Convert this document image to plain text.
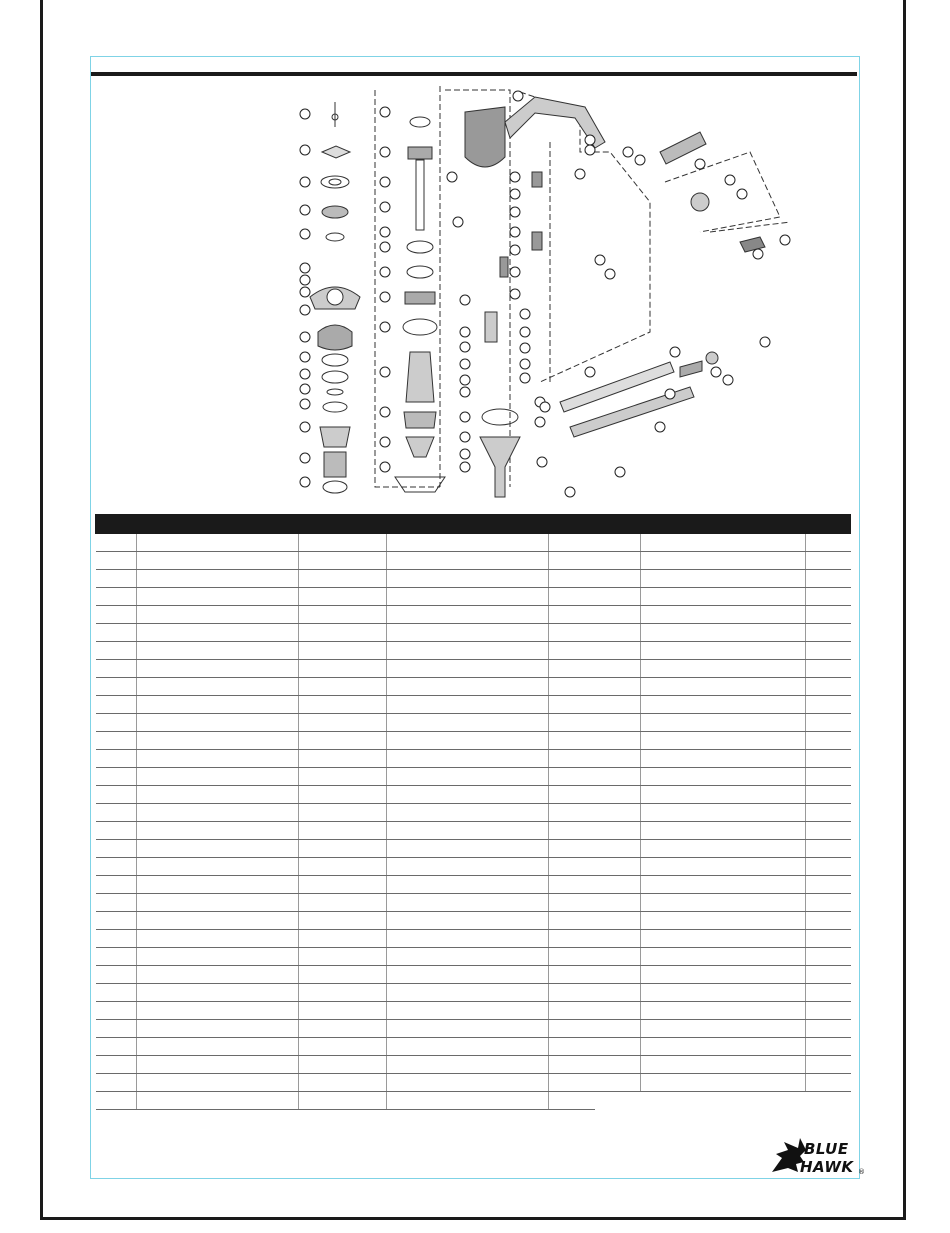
BLUE
HAWK ®
